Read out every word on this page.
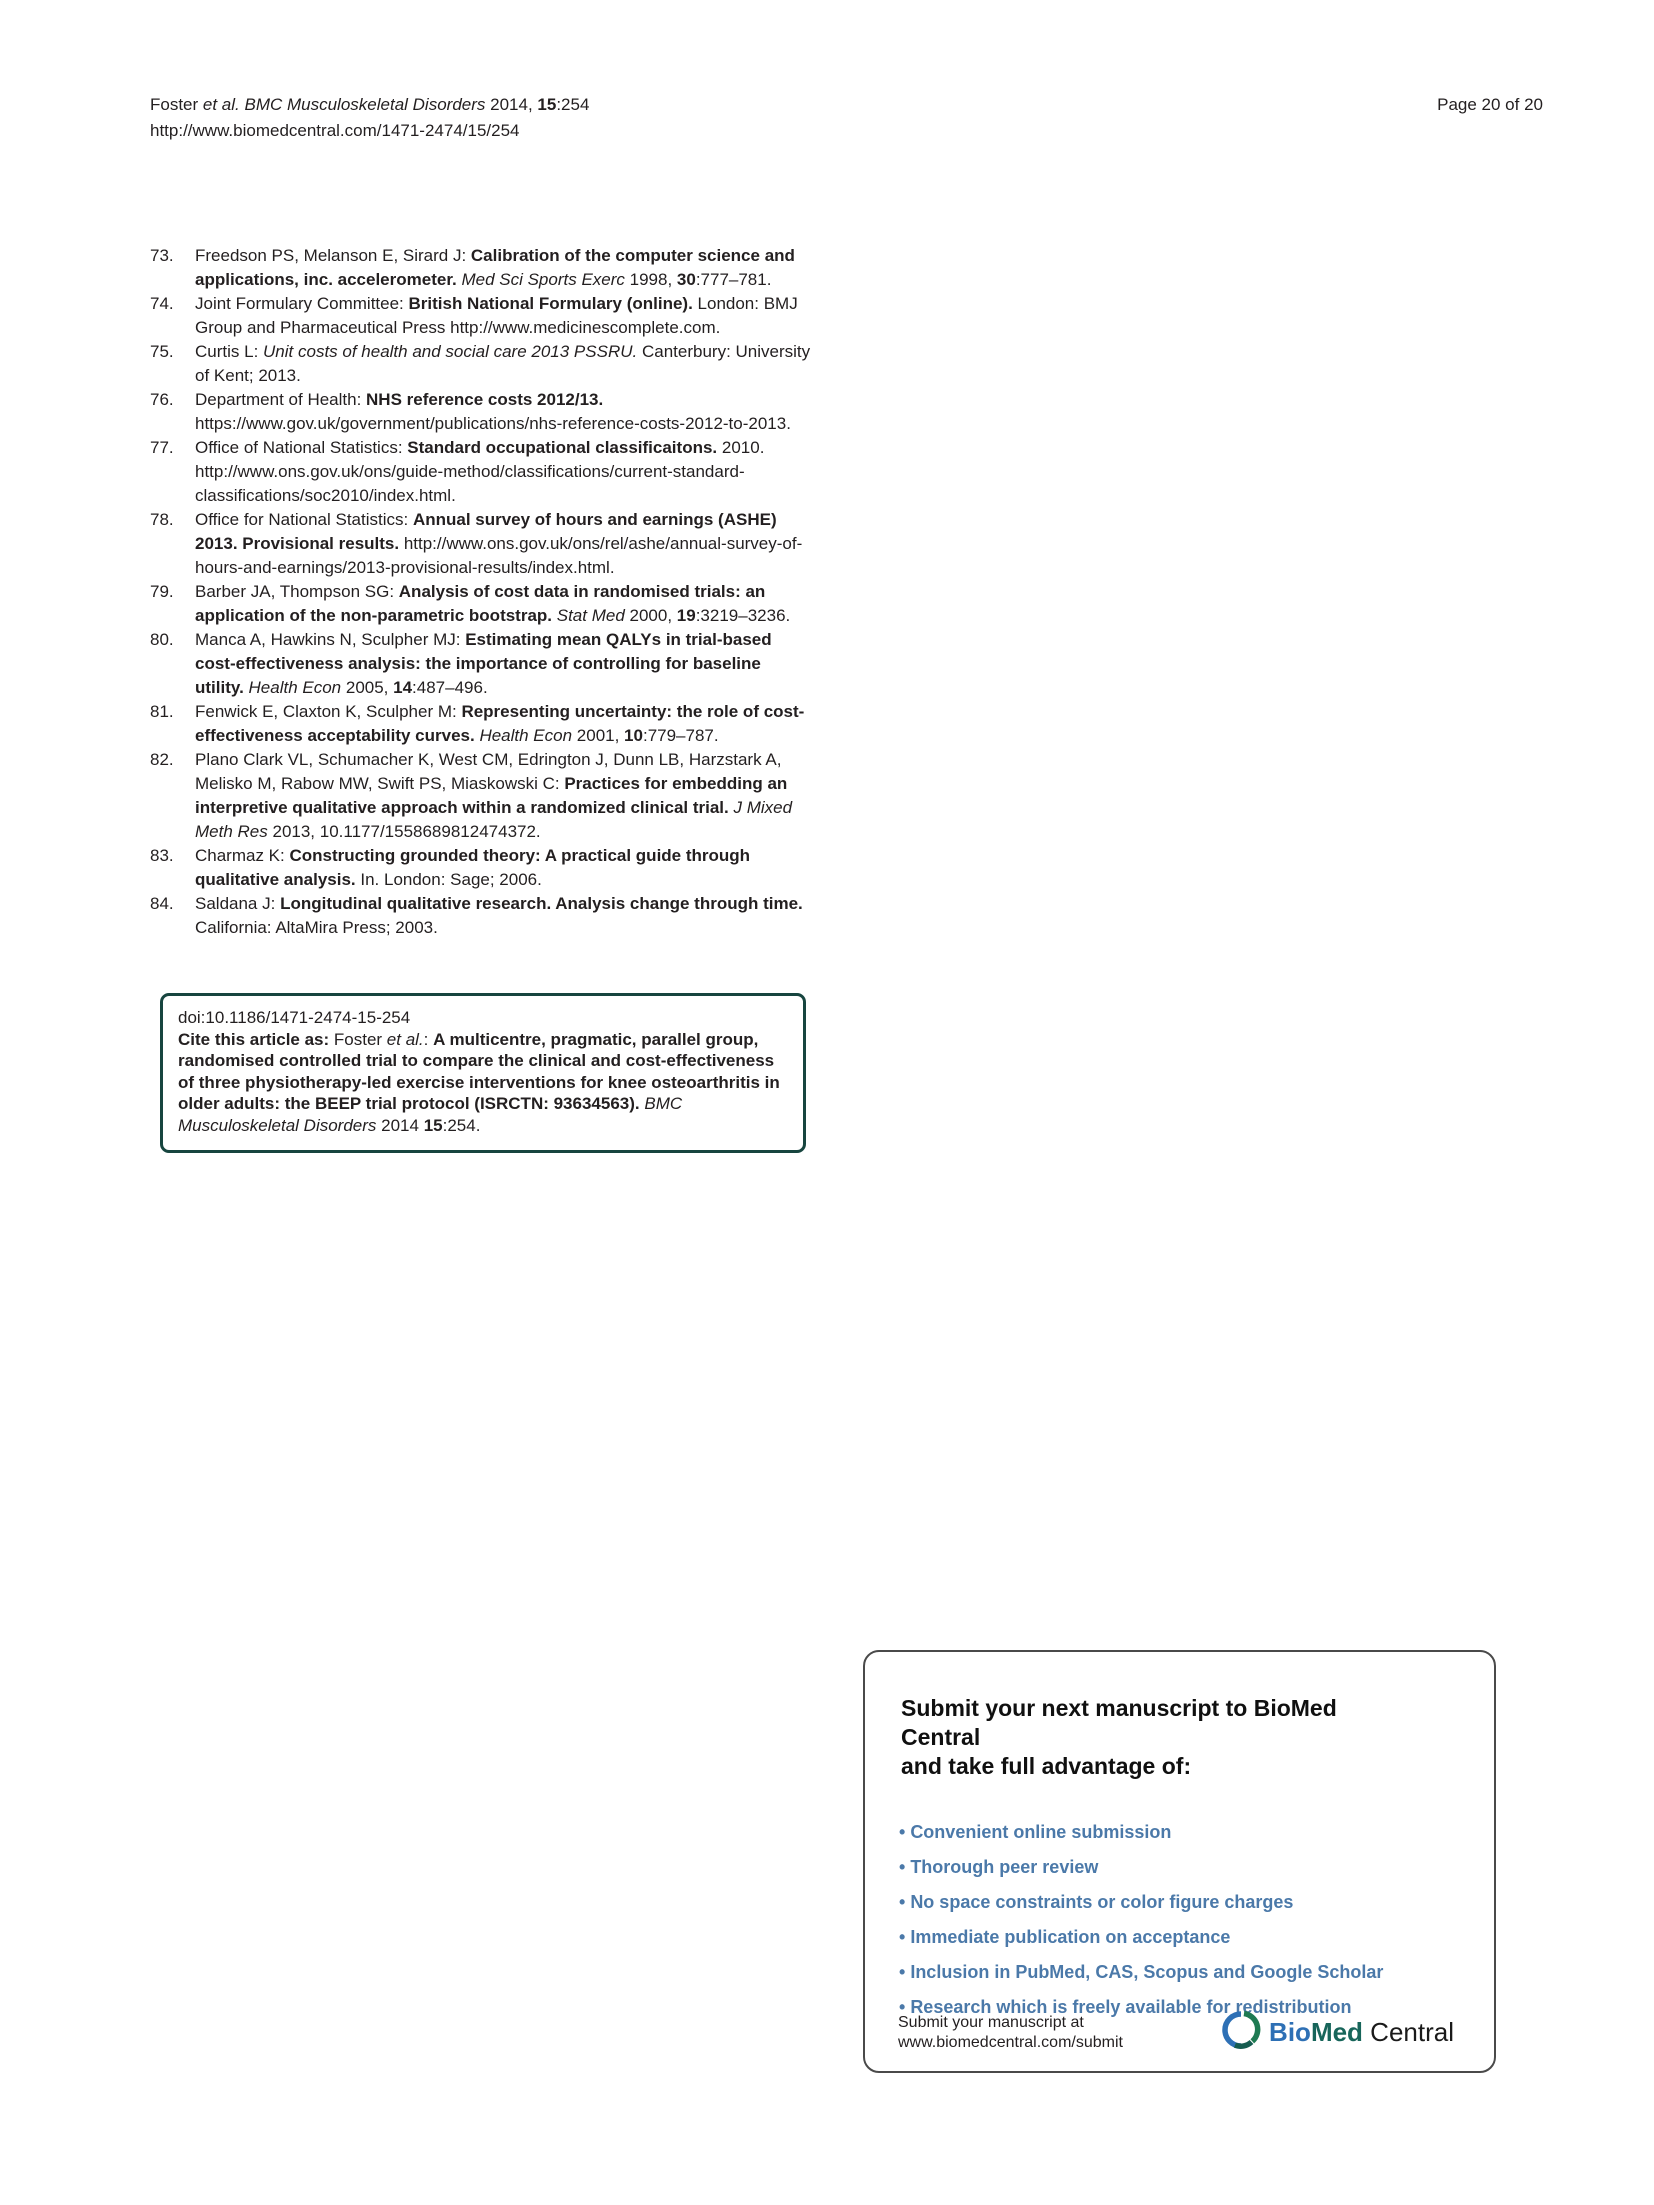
Foster et al. BMC Musculoskeletal Disorders 2014, 15:254
http://www.biomedcentral.com/1471-2474/15/254
Page 20 of 20
73.	Freedson PS, Melanson E, Sirard J: Calibration of the computer science and applications, inc. accelerometer. Med Sci Sports Exerc 1998, 30:777–781.
74.	Joint Formulary Committee: British National Formulary (online). London: BMJ Group and Pharmaceutical Press http://www.medicinescomplete.com.
75.	Curtis L: Unit costs of health and social care 2013 PSSRU. Canterbury: University of Kent; 2013.
76.	Department of Health: NHS reference costs 2012/13. https://www.gov.uk/government/publications/nhs-reference-costs-2012-to-2013.
77.	Office of National Statistics: Standard occupational classificaitons. 2010. http://www.ons.gov.uk/ons/guide-method/classifications/current-standard-classifications/soc2010/index.html.
78.	Office for National Statistics: Annual survey of hours and earnings (ASHE) 2013. Provisional results. http://www.ons.gov.uk/ons/rel/ashe/annual-survey-of-hours-and-earnings/2013-provisional-results/index.html.
79.	Barber JA, Thompson SG: Analysis of cost data in randomised trials: an application of the non-parametric bootstrap. Stat Med 2000, 19:3219–3236.
80.	Manca A, Hawkins N, Sculpher MJ: Estimating mean QALYs in trial-based cost-effectiveness analysis: the importance of controlling for baseline utility. Health Econ 2005, 14:487–496.
81.	Fenwick E, Claxton K, Sculpher M: Representing uncertainty: the role of cost-effectiveness acceptability curves. Health Econ 2001, 10:779–787.
82.	Plano Clark VL, Schumacher K, West CM, Edrington J, Dunn LB, Harzstark A, Melisko M, Rabow MW, Swift PS, Miaskowski C: Practices for embedding an interpretive qualitative approach within a randomized clinical trial. J Mixed Meth Res 2013, 10.1177/1558689812474372.
83.	Charmaz K: Constructing grounded theory: A practical guide through qualitative analysis. In. London: Sage; 2006.
84.	Saldana J: Longitudinal qualitative research. Analysis change through time. California: AltaMira Press; 2003.
doi:10.1186/1471-2474-15-254
Cite this article as: Foster et al.: A multicentre, pragmatic, parallel group, randomised controlled trial to compare the clinical and cost-effectiveness of three physiotherapy-led exercise interventions for knee osteoarthritis in older adults: the BEEP trial protocol (ISRCTN: 93634563). BMC Musculoskeletal Disorders 2014 15:254.
Submit your next manuscript to BioMed Central
and take full advantage of:
• Convenient online submission
• Thorough peer review
• No space constraints or color figure charges
• Immediate publication on acceptance
• Inclusion in PubMed, CAS, Scopus and Google Scholar
• Research which is freely available for redistribution
Submit your manuscript at
www.biomedcentral.com/submit	BioMed Central
